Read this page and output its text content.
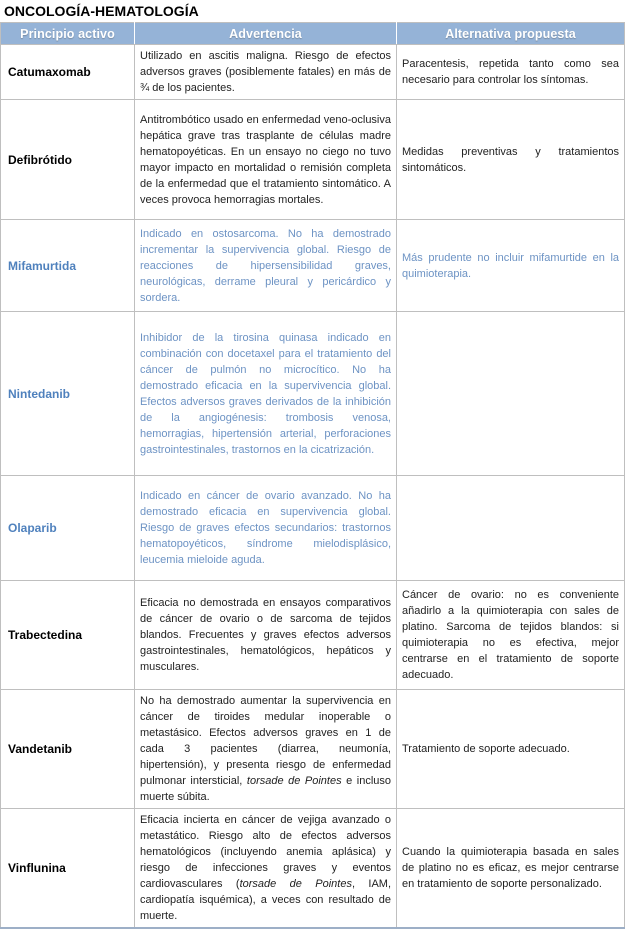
ONCOLOGÍA-HEMATOLOGÍA
Principio activo	Advertencia	Alternativa propuesta
Catumaxomab	Utilizado en ascitis maligna. Riesgo de efectos adversos graves (posiblemente fatales) en más de ¾ de los pacientes.	Paracentesis, repetida tanto como sea necesario para controlar los síntomas.
Defibrótido	Antitrombótico usado en enfermedad veno-oclusiva hepática grave tras trasplante de células madre hematopoyéticas. En un ensayo no ciego no tuvo mayor impacto en mortalidad o remisión completa de la enfermedad que el tratamiento sintomático. A veces provoca hemorragias mortales.	Medidas preventivas y tratamientos sintomáticos.
Mifamurtida	Indicado en ostosarcoma. No ha demostrado incrementar la supervivencia global. Riesgo de reacciones de hipersensibilidad graves, neurológicas, derrame pleural y pericárdico y sordera.	Más prudente no incluir mifamurtide en la quimioterapia.
Nintedanib	Inhibidor de la tirosina quinasa indicado en combinación con docetaxel para el tratamiento del cáncer de pulmón no microcítico. No ha demostrado eficacia en la supervivencia global. Efectos adversos graves derivados de la inhibición de la angiogénesis: trombosis venosa, hemorragias, hipertensión arterial, perforaciones gastrointestinales, trastornos en la cicatrización.	
Olaparib	Indicado en cáncer de ovario avanzado. No ha demostrado eficacia en supervivencia global. Riesgo de graves efectos secundarios: trastornos hematopoyéticos, síndrome mielodisplásico, leucemia mieloide aguda.	
Trabectedina	Eficacia no demostrada en ensayos comparativos de cáncer de ovario o de sarcoma de tejidos blandos. Frecuentes y graves efectos adversos gastrointestinales, hematológicos, hepáticos y musculares.	Cáncer de ovario: no es conveniente añadirlo a la quimioterapia con sales de platino. Sarcoma de tejidos blandos: si quimioterapia no es efectiva, mejor centrarse en el tratamiento de soporte adecuado.
Vandetanib	No ha demostrado aumentar la supervivencia en cáncer de tiroides medular inoperable o metastásico. Efectos adversos graves en 1 de cada 3 pacientes (diarrea, neumonía, hipertensión), y presenta riesgo de enfermedad pulmonar intersticial, torsade de Pointes e incluso muerte súbita.	Tratamiento de soporte adecuado.
Vinflunina	Eficacia incierta en cáncer de vejiga avanzado o metastático. Riesgo alto de efectos adversos hematológicos (incluyendo anemia aplásica) y riesgo de infecciones graves y eventos cardiovasculares (torsade de Pointes, IAM, cardiopatía isquémica), a veces con resultado de muerte.	Cuando la quimioterapia basada en sales de platino no es eficaz, es mejor centrarse en tratamiento de soporte personalizado.
